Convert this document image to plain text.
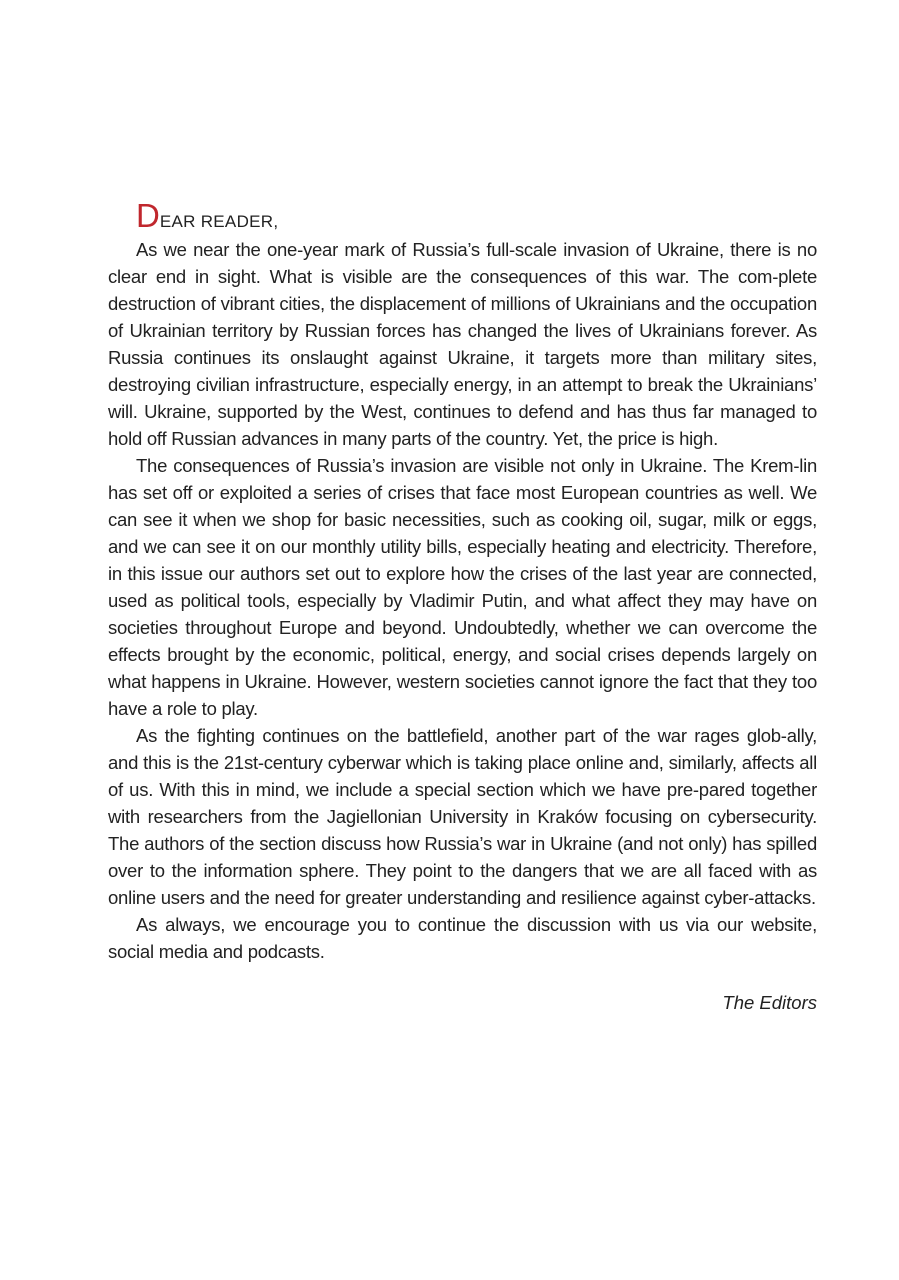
DEAR READER,

As we near the one-year mark of Russia’s full-scale invasion of Ukraine, there is no clear end in sight. What is visible are the consequences of this war. The com-plete destruction of vibrant cities, the displacement of millions of Ukrainians and the occupation of Ukrainian territory by Russian forces has changed the lives of Ukrainians forever. As Russia continues its onslaught against Ukraine, it targets more than military sites, destroying civilian infrastructure, especially energy, in an attempt to break the Ukrainians’ will. Ukraine, supported by the West, continues to defend and has thus far managed to hold off Russian advances in many parts of the country. Yet, the price is high.

The consequences of Russia’s invasion are visible not only in Ukraine. The Krem-lin has set off or exploited a series of crises that face most European countries as well. We can see it when we shop for basic necessities, such as cooking oil, sugar, milk or eggs, and we can see it on our monthly utility bills, especially heating and electricity. Therefore, in this issue our authors set out to explore how the crises of the last year are connected, used as political tools, especially by Vladimir Putin, and what affect they may have on societies throughout Europe and beyond. Undoubtedly, whether we can overcome the effects brought by the economic, political, energy, and social crises depends largely on what happens in Ukraine. However, western societies cannot ignore the fact that they too have a role to play.

As the fighting continues on the battlefield, another part of the war rages glob-ally, and this is the 21st-century cyberwar which is taking place online and, similarly, affects all of us. With this in mind, we include a special section which we have pre-pared together with researchers from the Jagiellonian University in Kraków focusing on cybersecurity. The authors of the section discuss how Russia’s war in Ukraine (and not only) has spilled over to the information sphere. They point to the dangers that we are all faced with as online users and the need for greater understanding and resilience against cyber-attacks.

As always, we encourage you to continue the discussion with us via our website, social media and podcasts.

The Editors
